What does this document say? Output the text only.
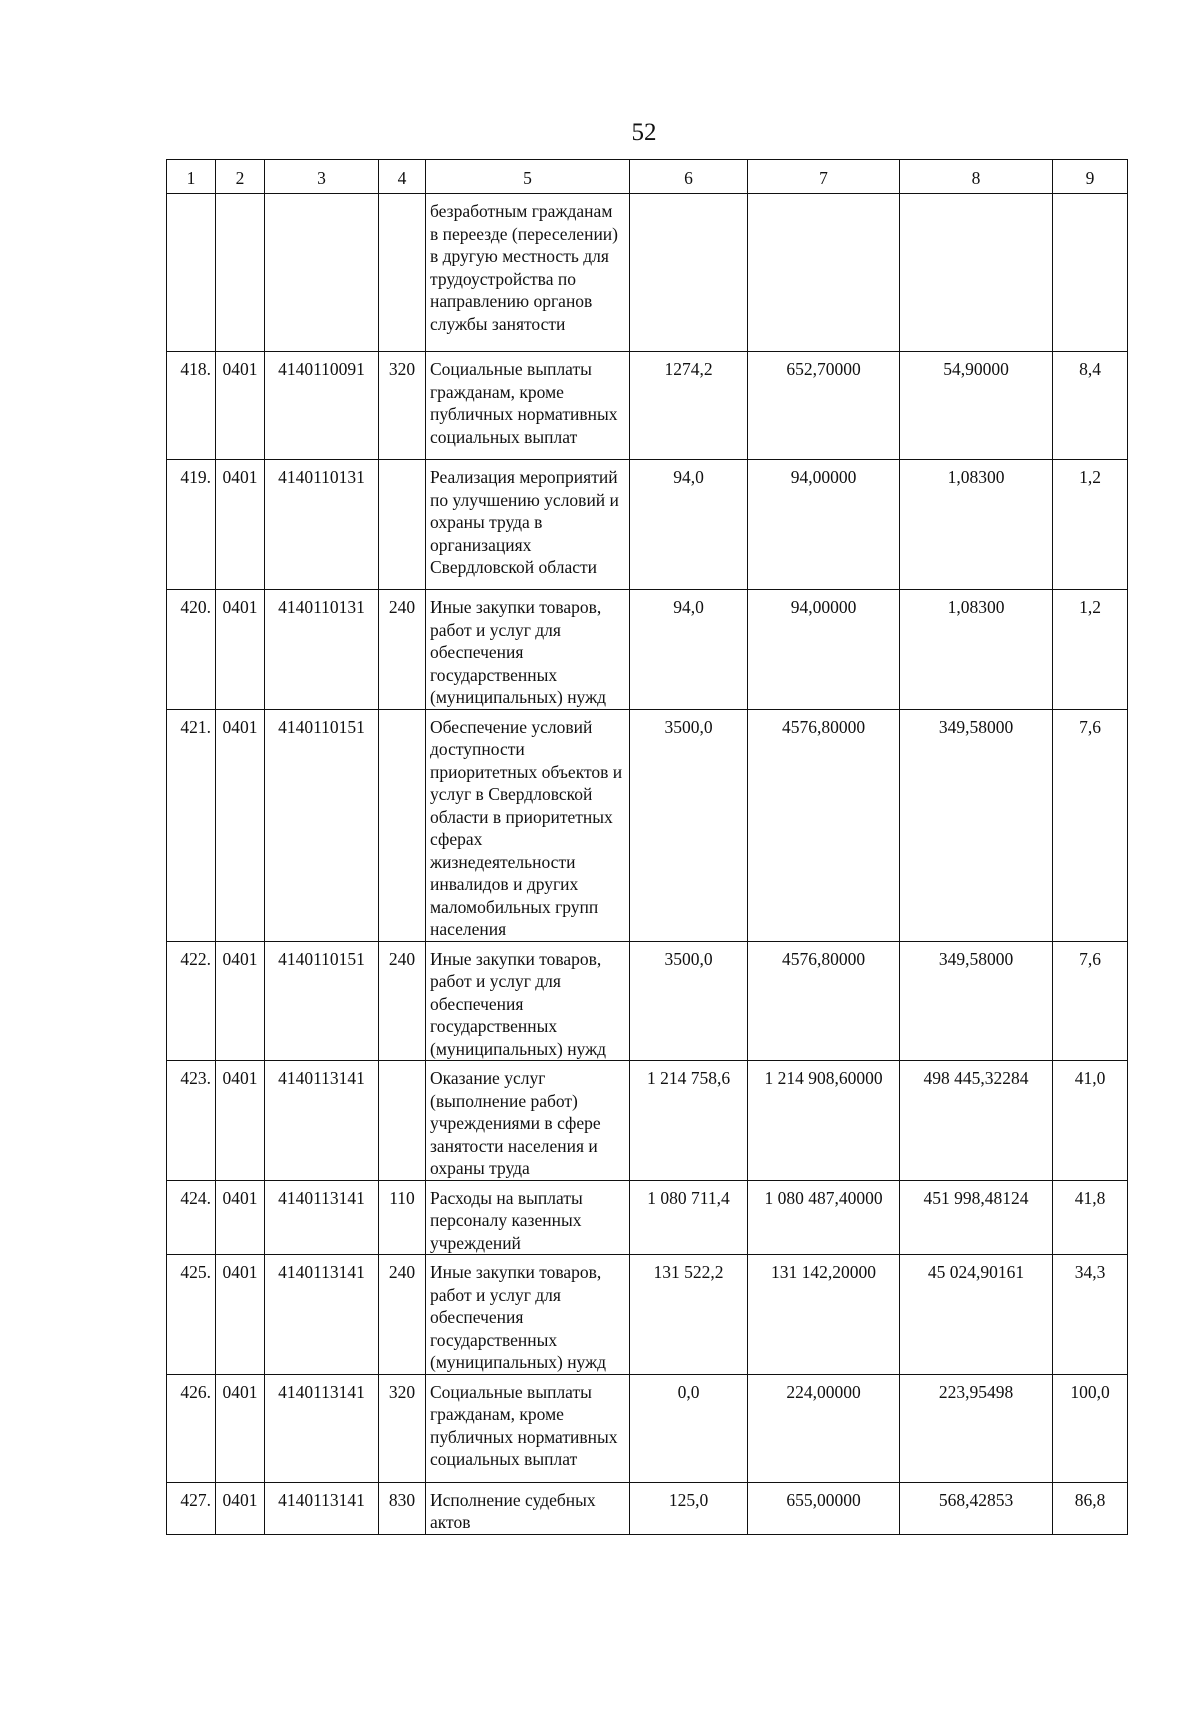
52
1	2	3	4	5	6	7	8	9
				безработным гражданам в переезде (переселении) в другую местность для трудоустройства по направлению органов службы занятости				
418.	0401	4140110091	320	Социальные выплаты гражданам, кроме публичных нормативных социальных выплат	1274,2	652,70000	54,90000	8,4
419.	0401	4140110131		Реализация мероприятий по улучшению условий и охраны труда в организациях Свердловской области	94,0	94,00000	1,08300	1,2
420.	0401	4140110131	240	Иные закупки товаров, работ и услуг для обеспечения государственных (муниципальных) нужд	94,0	94,00000	1,08300	1,2
421.	0401	4140110151		Обеспечение условий доступности приоритетных объектов и услуг в Свердловской области в приоритетных сферах жизнедеятельности инвалидов и других маломобильных групп населения	3500,0	4576,80000	349,58000	7,6
422.	0401	4140110151	240	Иные закупки товаров, работ и услуг для обеспечения государственных (муниципальных) нужд	3500,0	4576,80000	349,58000	7,6
423.	0401	4140113141		Оказание услуг (выполнение работ) учреждениями в сфере занятости населения и охраны труда	1 214 758,6	1 214 908,60000	498 445,32284	41,0
424.	0401	4140113141	110	Расходы на выплаты персоналу казенных учреждений	1 080 711,4	1 080 487,40000	451 998,48124	41,8
425.	0401	4140113141	240	Иные закупки товаров, работ и услуг для обеспечения государственных (муниципальных) нужд	131 522,2	131 142,20000	45 024,90161	34,3
426.	0401	4140113141	320	Социальные выплаты гражданам, кроме публичных нормативных социальных выплат	0,0	224,00000	223,95498	100,0
427.	0401	4140113141	830	Исполнение судебных актов	125,0	655,00000	568,42853	86,8
